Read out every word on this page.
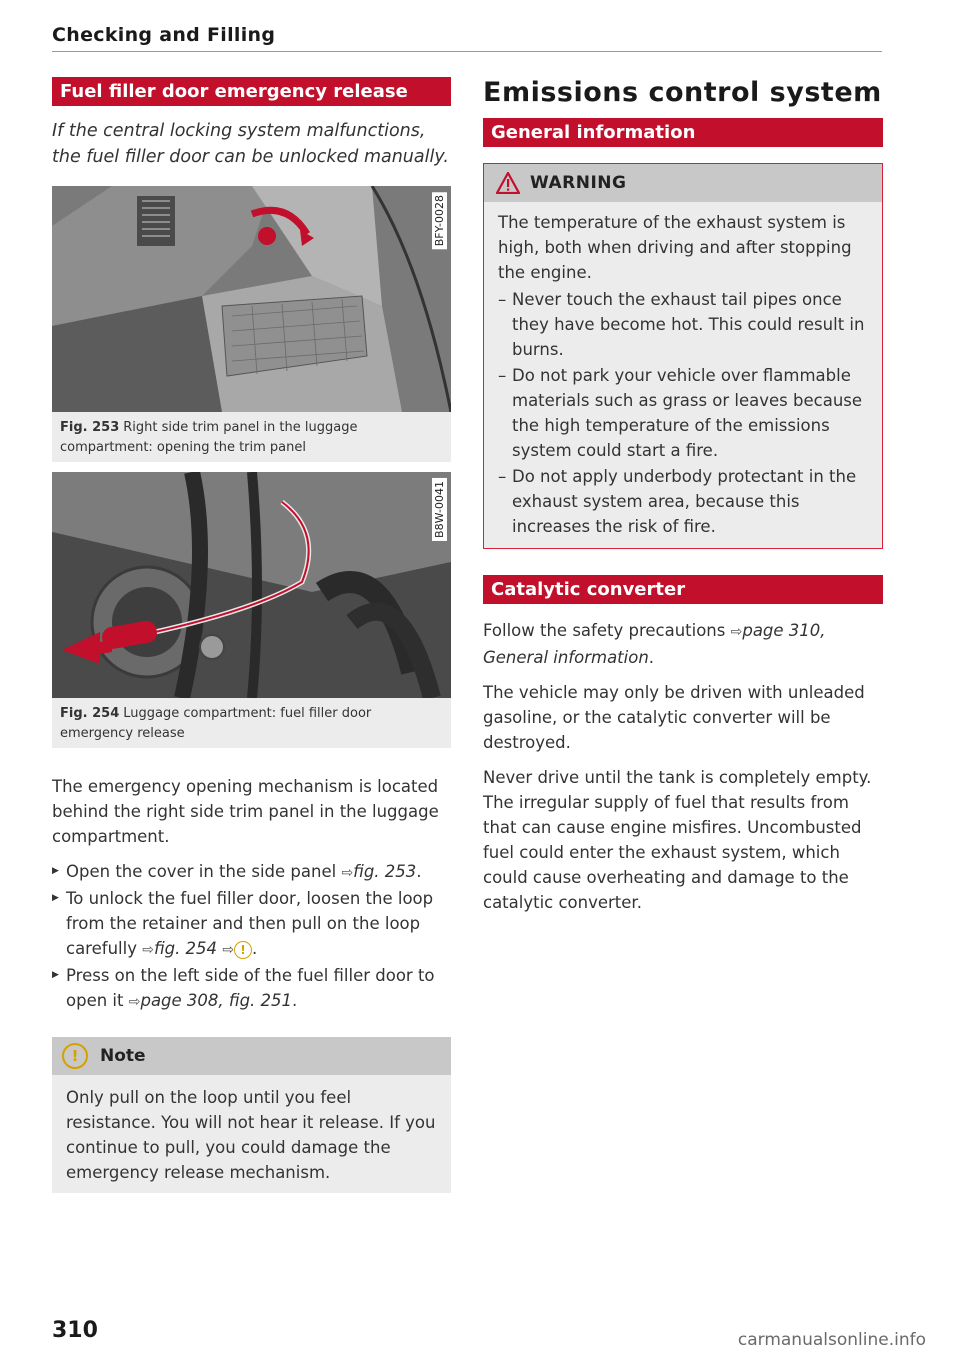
Checking and Filling
Fuel filler door emergency release

If the central locking system malfunctions, the fuel filler door can be unlocked manually.

BFY-0028
Fig. 253 Right side trim panel in the luggage compartment: opening the trim panel
B8W-0041
Fig. 254 Luggage compartment: fuel filler door emergency release

The emergency opening mechanism is located behind the right side trim panel in the luggage compartment.

▶ Open the cover in the side panel ⇨fig. 253.
▶ To unlock the fuel filler door, loosen the loop from the retainer and then pull on the loop carefully ⇨fig. 254 ⇨ ! .
▶ Press on the left side of the fuel filler door to open it ⇨page 308, fig. 251.
!	Note
Only pull on the loop until you feel resistance. You will not hear it release. If you continue to pull, you could damage the emergency release mechanism.
Emissions control system
General information
WARNING

The temperature of the exhaust system is high, both when driving and after stopping the engine.

– Never touch the exhaust tail pipes once they have become hot. This could result in burns.
– Do not park your vehicle over flammable materials such as grass or leaves because the high temperature of the emissions system could start a fire.
– Do not apply underbody protectant in the exhaust system area, because this increases the risk of fire.
Catalytic converter

Follow the safety precautions ⇨page 310, General information.

The vehicle may only be driven with unleaded gasoline, or the catalytic converter will be destroyed.

Never drive until the tank is completely empty. The irregular supply of fuel that results from that can cause engine misfires. Uncombusted fuel could enter the exhaust system, which could cause overheating and damage to the catalytic converter.

310	carmanualsonline.info
